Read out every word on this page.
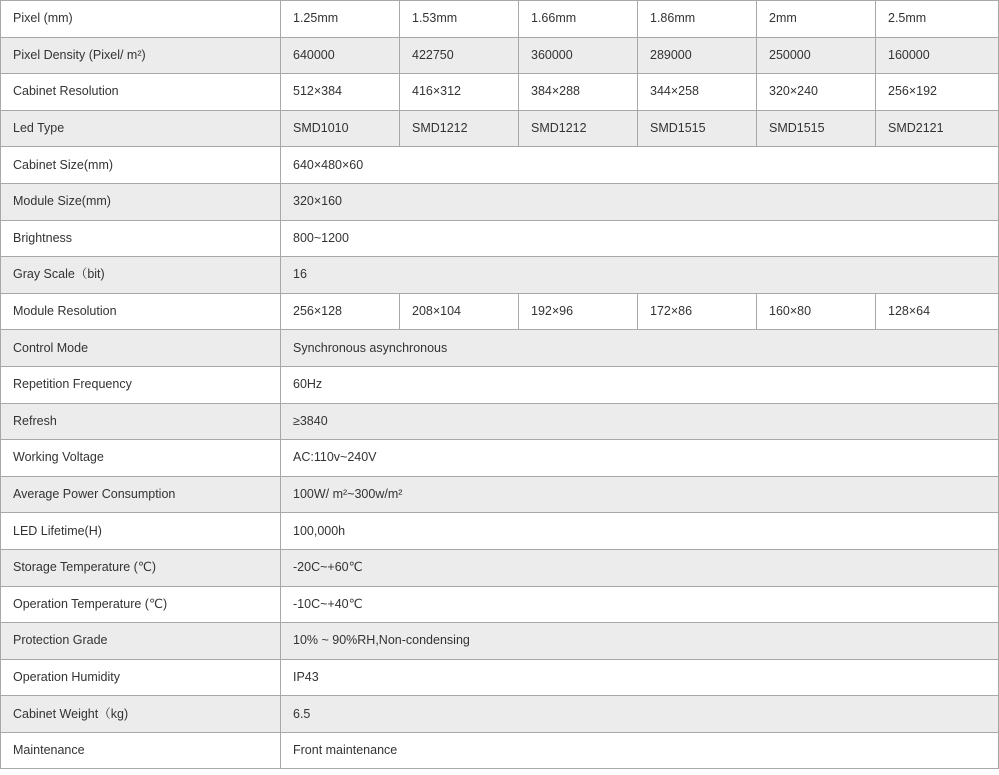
Pixel (mm)	1.25mm	1.53mm	1.66mm	1.86mm	2mm	2.5mm
Pixel Density (Pixel/ m²)	640000	422750	360000	289000	250000	160000
Cabinet Resolution	512×384	416×312	384×288	344×258	320×240	256×192
Led Type	SMD1010	SMD1212	SMD1212	SMD1515	SMD1515	SMD2121
Cabinet Size(mm)	640×480×60					
Module Size(mm)	320×160					
Brightness	800~1200					
Gray Scale（bit)	16					
Module Resolution	256×128	208×104	192×96	172×86	160×80	128×64
Control Mode	Synchronous asynchronous					
Repetition Frequency	60Hz					
Refresh	≥3840					
Working Voltage	AC:110v~240V					
Average Power Consumption	100W/ m²~300w/m²					
LED Lifetime(H)	100,000h					
Storage Temperature (℃)	-20C~+60℃					
Operation Temperature (℃)	-10C~+40℃					
Protection Grade	10% ~ 90%RH,Non-condensing					
Operation Humidity	IP43					
Cabinet Weight（kg)	6.5					
Maintenance	Front maintenance					
